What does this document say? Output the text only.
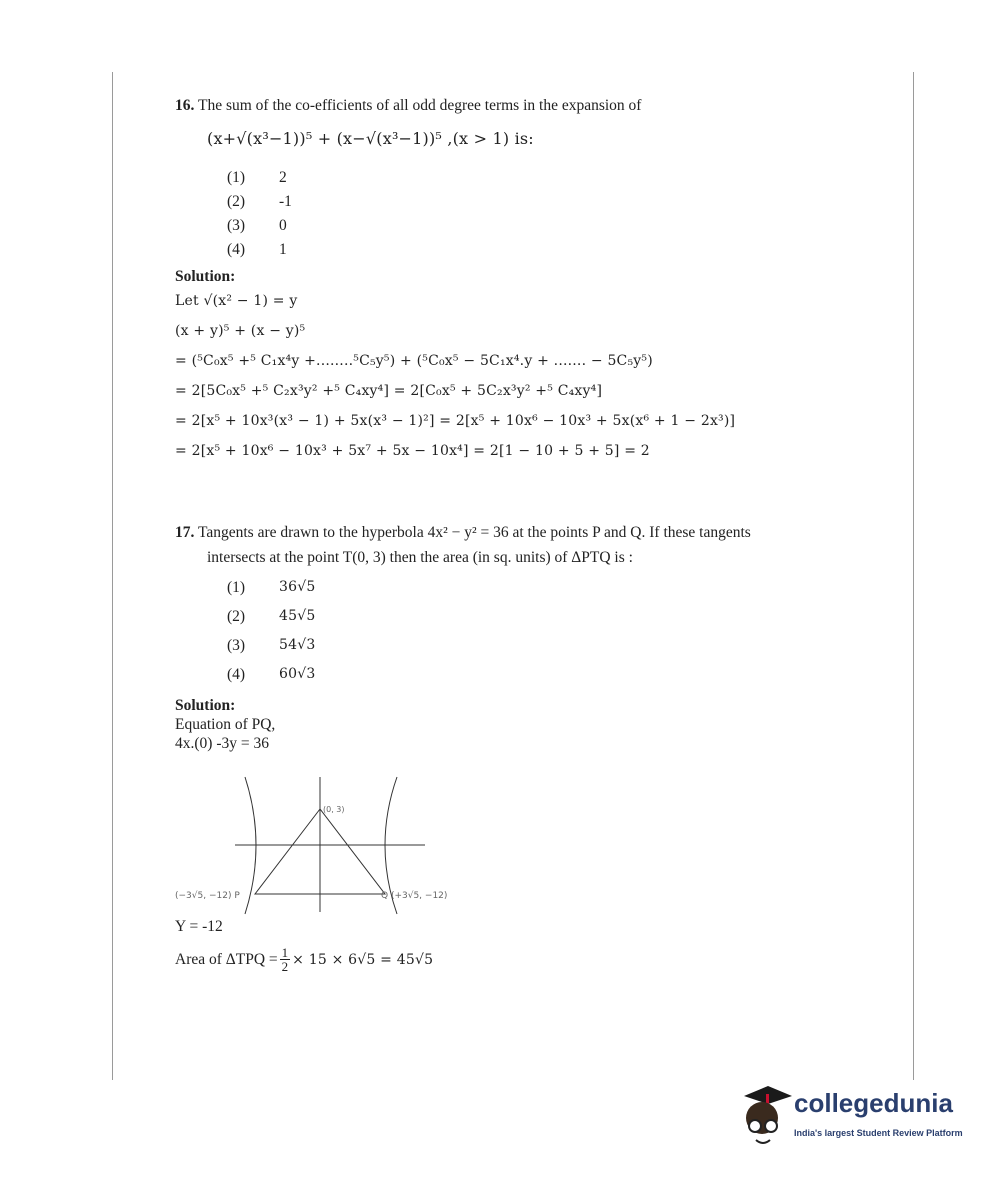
16. The sum of the co-efficients of all odd degree terms in the expansion of

(x+√(x³−1))⁵ + (x−√(x³−1))⁵ ,(x > 1) is:
(1)	2
(2)	-1
(3)	0
(4)	1
Solution:
Let √(x² − 1) = y
(x + y)⁵ + (x − y)⁵
= (⁵C₀x⁵ +⁵ C₁x⁴y +........⁵C₅y⁵) + (⁵C₀x⁵ − 5C₁x⁴.y + ....... − 5C₅y⁵)
= 2[5C₀x⁵ +⁵ C₂x³y² +⁵ C₄xy⁴] = 2[C₀x⁵ + 5C₂x³y² +⁵ C₄xy⁴]
= 2[x⁵ + 10x³(x³ − 1) + 5x(x³ − 1)²] = 2[x⁵ + 10x⁶ − 10x³ + 5x(x⁶ + 1 − 2x³)]
= 2[x⁵ + 10x⁶ − 10x³ + 5x⁷ + 5x − 10x⁴] = 2[1 − 10 + 5 + 5] = 2

17. Tangents are drawn to the hyperbola 4x² − y² = 36 at the points P and Q. If these tangents

intersects at the point T(0, 3) then the area (in sq. units) of ΔPTQ is :
(1)	36√5
(2)	45√5
(3)	54√3
(4)	60√3
Solution:
Equation of PQ,
4x.(0) -3y = 36
(0, 3)
(−3√5, −12) P	Q (+3√5, −12)
Y = -12
Area of $\Delta TPQ = \frac{1}{2} \times 15 \times 6√5 = 45√5$
collegedunia
India's largest Student Review Platform
